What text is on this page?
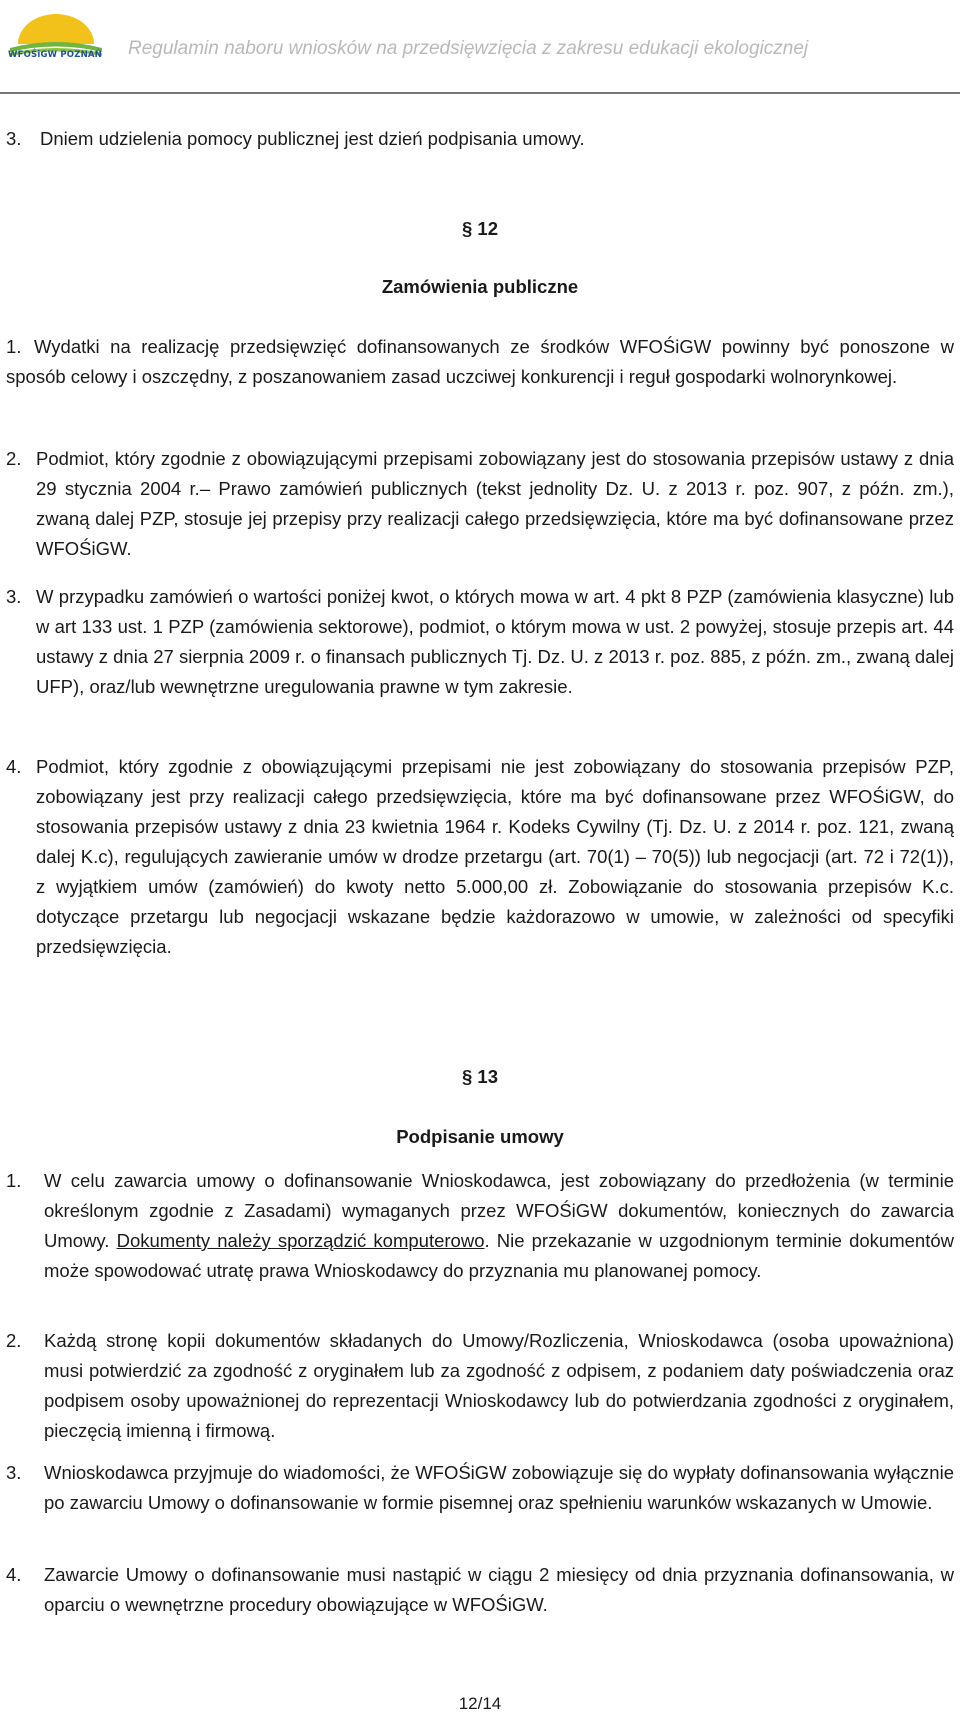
WFOŚiGW POZNAŃ Regulamin naboru wniosków na przedsięwzięcia z zakresu edukacji ekologicznej
3. Dniem udzielenia pomocy publicznej jest dzień podpisania umowy.

§ 12

Zamówienia publiczne

1. Wydatki na realizację przedsięwzięć dofinansowanych ze środków WFOŚiGW powinny być ponoszone w sposób celowy i oszczędny, z poszanowaniem zasad uczciwej konkurencji i reguł gospodarki wolnorynkowej.

2. Podmiot, który zgodnie z obowiązującymi przepisami zobowiązany jest do stosowania przepisów ustawy z dnia 29 stycznia 2004 r.– Prawo zamówień publicznych (tekst jednolity Dz. U. z 2013 r. poz. 907, z późn. zm.), zwaną dalej PZP, stosuje jej przepisy przy realizacji całego przedsięwzięcia, które ma być dofinansowane przez WFOŚiGW.

3. W przypadku zamówień o wartości poniżej kwot, o których mowa w art. 4 pkt 8 PZP (zamówienia klasyczne) lub w art 133 ust. 1 PZP (zamówienia sektorowe), podmiot, o którym mowa w ust. 2 powyżej, stosuje przepis art. 44 ustawy z dnia 27 sierpnia 2009 r. o finansach publicznych Tj. Dz. U. z 2013 r. poz. 885, z późn. zm., zwaną dalej UFP), oraz/lub wewnętrzne uregulowania prawne w tym zakresie.

4. Podmiot, który zgodnie z obowiązującymi przepisami nie jest zobowiązany do stosowania przepisów PZP, zobowiązany jest przy realizacji całego przedsięwzięcia, które ma być dofinansowane przez WFOŚiGW, do stosowania przepisów ustawy z dnia 23 kwietnia 1964 r. Kodeks Cywilny (Tj. Dz. U. z 2014 r. poz. 121, zwaną dalej K.c), regulujących zawieranie umów w drodze przetargu (art. 70(1) – 70(5)) lub negocjacji (art. 72 i 72(1)), z wyjątkiem umów (zamówień) do kwoty netto 5.000,00 zł. Zobowiązanie do stosowania przepisów K.c. dotyczące przetargu lub negocjacji wskazane będzie każdorazowo w umowie, w zależności od specyfiki przedsięwzięcia.

§ 13

Podpisanie umowy

1. W celu zawarcia umowy o dofinansowanie Wnioskodawca, jest zobowiązany do przedłożenia (w terminie określonym zgodnie z Zasadami) wymaganych przez WFOŚiGW dokumentów, koniecznych do zawarcia Umowy. Dokumenty należy sporządzić komputerowo. Nie przekazanie w uzgodnionym terminie dokumentów może spowodować utratę prawa Wnioskodawcy do przyznania mu planowanej pomocy.

2. Każdą stronę kopii dokumentów składanych do Umowy/Rozliczenia, Wnioskodawca (osoba upoważniona) musi potwierdzić za zgodność z oryginałem lub za zgodność z odpisem, z podaniem daty poświadczenia oraz podpisem osoby upoważnionej do reprezentacji Wnioskodawcy lub do potwierdzania zgodności z oryginałem, pieczęcią imienną i firmową.

3. Wnioskodawca przyjmuje do wiadomości, że WFOŚiGW zobowiązuje się do wypłaty dofinansowania wyłącznie po zawarciu Umowy o dofinansowanie w formie pisemnej oraz spełnieniu warunków wskazanych w Umowie.

4. Zawarcie Umowy o dofinansowanie musi nastąpić w ciągu 2 miesięcy od dnia przyznania dofinansowania, w oparciu o wewnętrzne procedury obowiązujące w WFOŚiGW.

12/14
